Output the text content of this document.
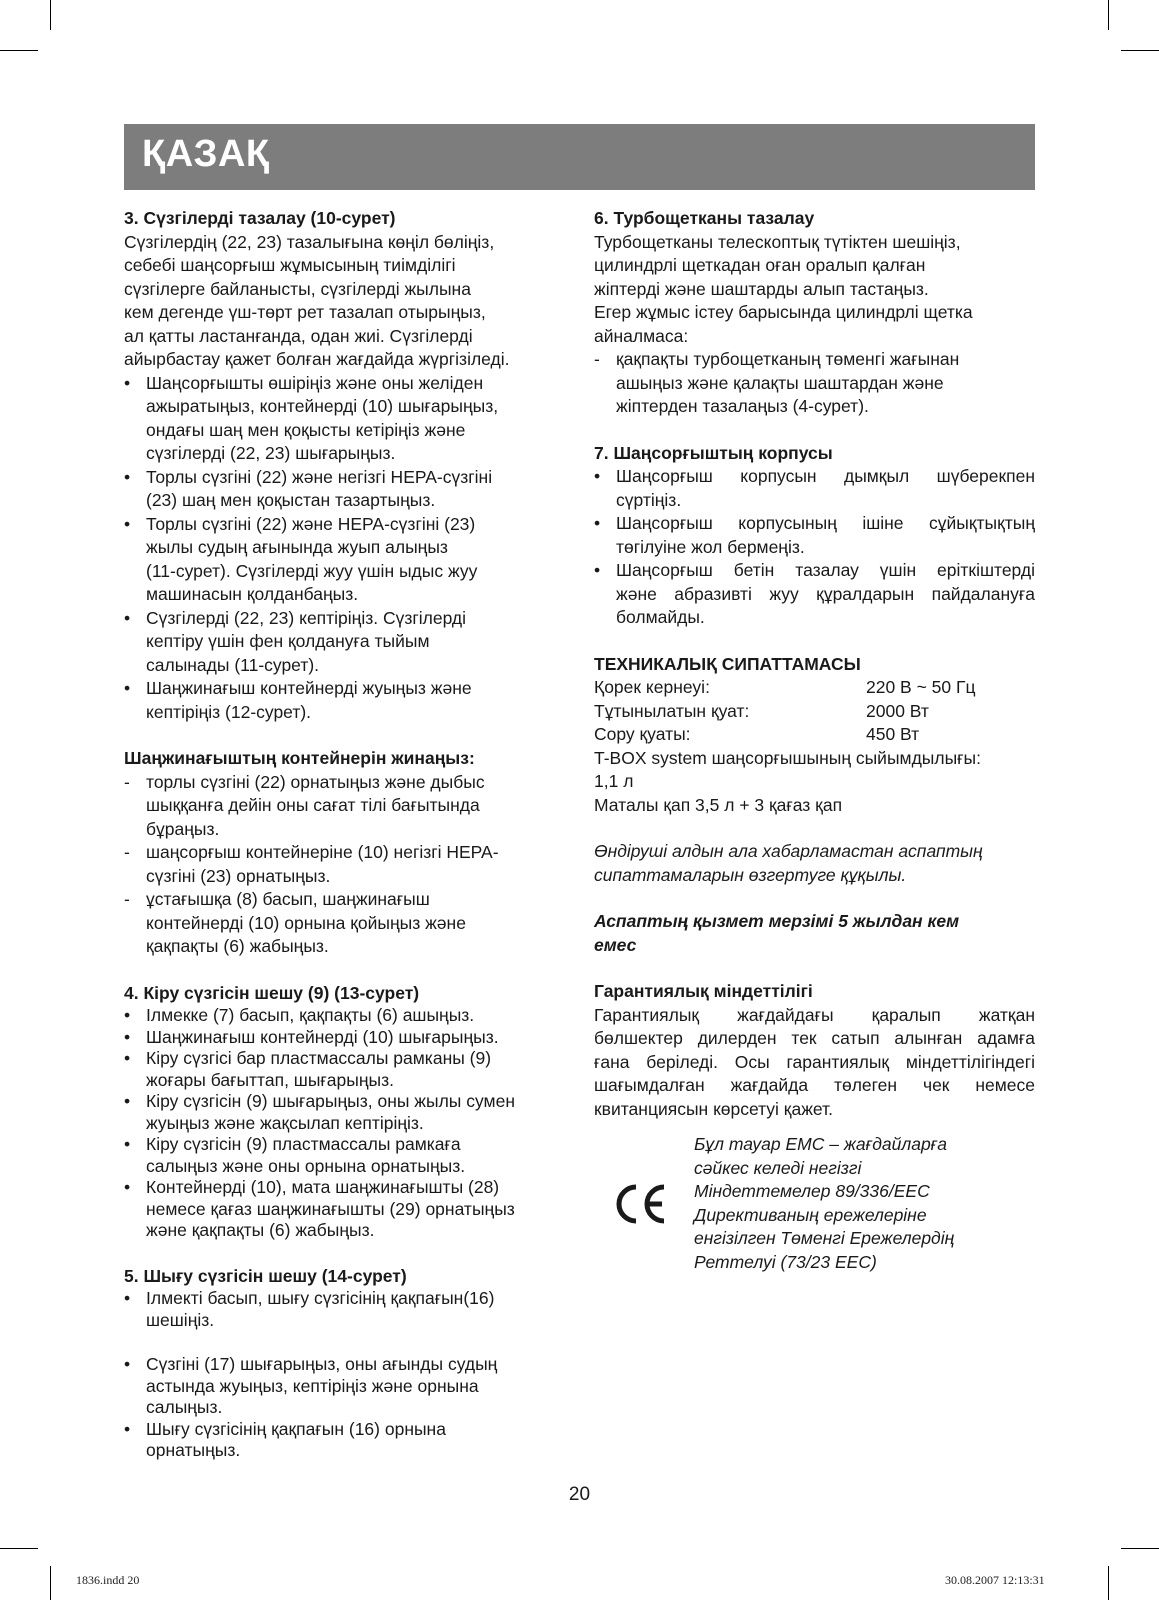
ҚАЗАҚ

3. Сүзгілерді тазалау (10-сурет)

Сүзгілердің (22, 23) тазалығына көңіл бөліңіз,
себебі шаңсорғыш жұмысының тиімділігі
сүзгілерге байланысты, сүзгілерді жылына
кем дегенде үш-төрт рет тазалап отырыңыз,
ал қатты ластанғанда, одан жиі. Сүзгілерді
айырбастау қажет болған жағдайда жүргізіледі.
• Шаңсорғышты өшіріңіз және оны желіден
ажыратыңыз, контейнерді (10) шығарыңыз,
ондағы шаң мен қоқысты кетіріңіз және
сүзгілерді (22, 23) шығарыңыз.
• Торлы сүзгіні (22) және негізгі HEPA-сүзгіні
(23) шаң мен қоқыстан тазартыңыз.
• Торлы сүзгіні (22) және HEPA-сүзгіні (23)
жылы судың ағынында жуып алыңыз
(11-сурет). Сүзгілерді жуу үшін ыдыс жуу
машинасын қолданбаңыз.
• Сүзгілерді (22, 23) кептіріңіз. Сүзгілерді
кептіру үшін фен қолдануға тыйым
салынады (11-сурет).
• Шаңжинағыш контейнерді жуыңыз және
кептіріңіз (12-сурет).

Шаңжинағыштың контейнерін жинаңыз:

- торлы сүзгіні (22) орнатыңыз және дыбыс
шыққанға дейін оны сағат тілі бағытында
бұраңыз.
- шаңсорғыш контейнеріне (10) негізгі HEPA-
сүзгіні (23) орнатыңыз.
- ұстағышқа (8) басып, шаңжинағыш
контейнерді (10) орнына қойыңыз және
қақпақты (6) жабыңыз.

4. Кіру сүзгісін шешу (9) (13-сурет)

• Ілмекке (7) басып, қақпақты (6) ашыңыз.
• Шаңжинағыш контейнерді (10) шығарыңыз.
• Кіру сүзгісі бар пластмассалы рамканы (9)
жоғары бағыттап, шығарыңыз.
• Кіру сүзгісін (9) шығарыңыз, оны жылы сумен
жуыңыз және жақсылап кептіріңіз.
• Кіру сүзгісін (9) пластмассалы рамкаға
салыңыз және оны орнына орнатыңыз.
• Контейнерді (10), мата шаңжинағышты (28)
немесе қағаз шаңжинағышты (29) орнатыңыз
және қақпақты (6) жабыңыз.

5. Шығу сүзгісін шешу (14-сурет)

• Ілмекті басып, шығу сүзгісінің қақпағын(16)
шешіңіз.
• Сүзгіні (17) шығарыңыз, оны ағынды судың
астында жуыңыз, кептіріңіз және орнына
салыңыз.
• Шығу сүзгісінің қақпағын (16) орнына
орнатыңыз.

6. Турбощетканы тазалау

Турбощетканы телескоптық түтіктен шешіңіз,
цилиндрлі щеткадан оған оралып қалған
жіптерді және шаштарды алып тастаңыз.
Егер жұмыс істеу барысында цилиндрлі щетка
айналмаса:
- қақпақты турбощетканың төменгі жағынан
ашыңыз және қалақты шаштардан және
жіптерден тазалаңыз (4-сурет).

7. Шаңсорғыштың корпусы

• Шаңсорғыш корпусын дымқыл шүберекпен
сүртіңіз.
• Шаңсорғыш корпусының ішіне сұйықтықтың
төгілуіне жол бермеңіз.
• Шаңсорғыш бетін тазалау үшін еріткіштерді
және абразивті жуу құралдарын пайдалануға
болмайды.

ТЕХНИКАЛЫҚ СИПАТТАМАСЫ

Қорек кернеуі:	220 В ~ 50 Гц
Тұтынылатын қуат:	2000 Вт
Сору қуаты:	450 Вт
T-BOX system шаңсорғышының сыйымдылығы:
1,1 л

Маталы қап 3,5 л + 3 қағаз қап

Өндіруші алдын ала хабарламастан аспаптың
сипаттамаларын өзгертуге құқылы.
Аспаптың қызмет мерзімі 5 жылдан кем
емес

Гарантиялық міндеттілігі

Гарантиялық жағдайдағы қаралып жатқан
бөлшектер дилерден тек сатып алынған адамға
ғана беріледі. Осы гарантиялық міндеттілігіндегі
шағымдалған жағдайда төлеген чек немесе
квитанциясын көрсетуі қажет.
Бұл тауар ЕМС – жағдайларға
сәйкес келеді негізгі
Міндеттемелер 89/336/ЕЕС
Директиваның ережелеріне
енгізілген Төменгі Ережелердің
Реттелуі (73/23 ЕЕС)
20
1836.indd 20	30.08.2007 12:13:31
